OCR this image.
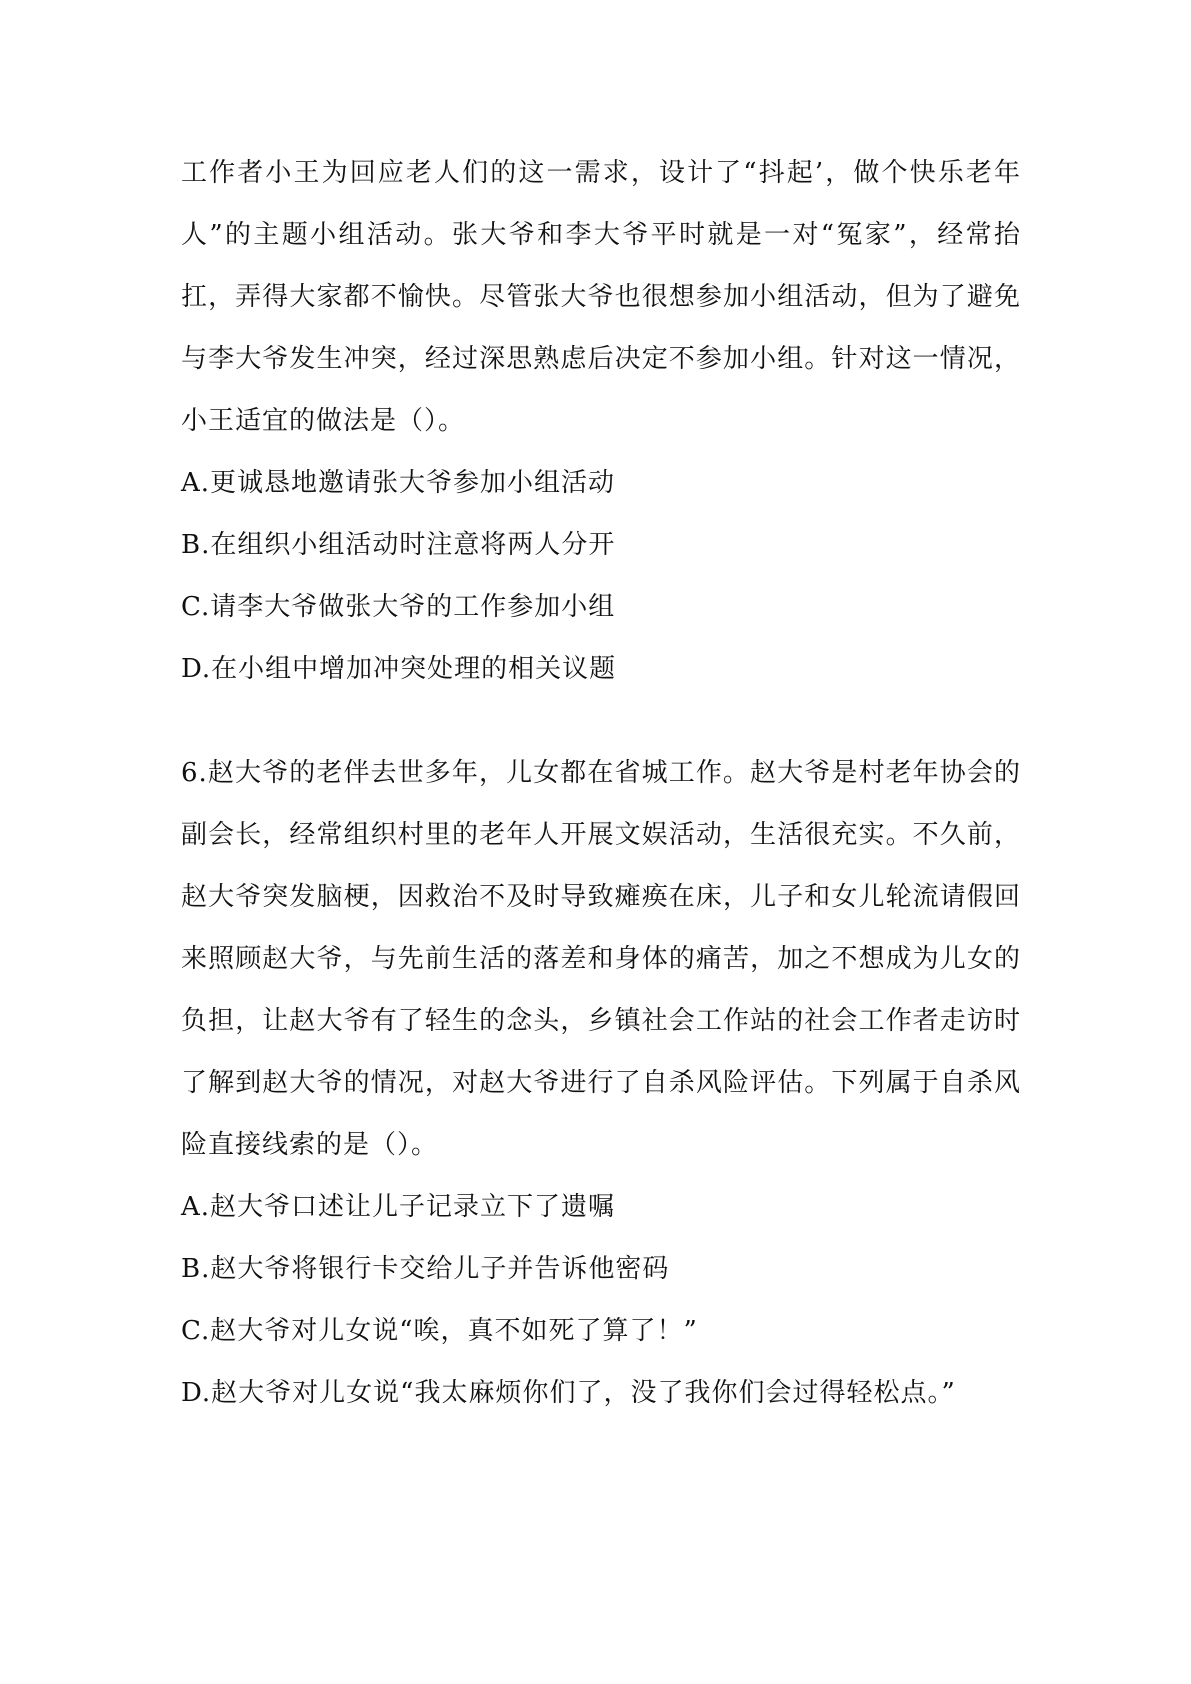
工作者小王为回应老人们的这一需求，设计了“抖起’，做个快乐老年人”的主题小组活动。张大爷和李大爷平时就是一对“冤家”，经常抬扛，弄得大家都不愉快。尽管张大爷也很想参加小组活动，但为了避免与李大爷发生冲突，经过深思熟虑后决定不参加小组。针对这一情况，小王适宜的做法是（）。

A.更诚恳地邀请张大爷参加小组活动

B.在组织小组活动时注意将两人分开

C.请李大爷做张大爷的工作参加小组

D.在小组中增加冲突处理的相关议题

6.赵大爷的老伴去世多年，儿女都在省城工作。赵大爷是村老年协会的副会长，经常组织村里的老年人开展文娱活动，生活很充实。不久前，赵大爷突发脑梗，因救治不及时导致瘫痪在床，儿子和女儿轮流请假回来照顾赵大爷，与先前生活的落差和身体的痛苦，加之不想成为儿女的负担，让赵大爷有了轻生的念头，乡镇社会工作站的社会工作者走访时了解到赵大爷的情况，对赵大爷进行了自杀风险评估。下列属于自杀风险直接线索的是（）。

A.赵大爷口述让儿子记录立下了遗嘱

B.赵大爷将银行卡交给儿子并告诉他密码

C.赵大爷对儿女说“唉，真不如死了算了！”

D.赵大爷对儿女说“我太麻烦你们了，没了我你们会过得轻松点。”
